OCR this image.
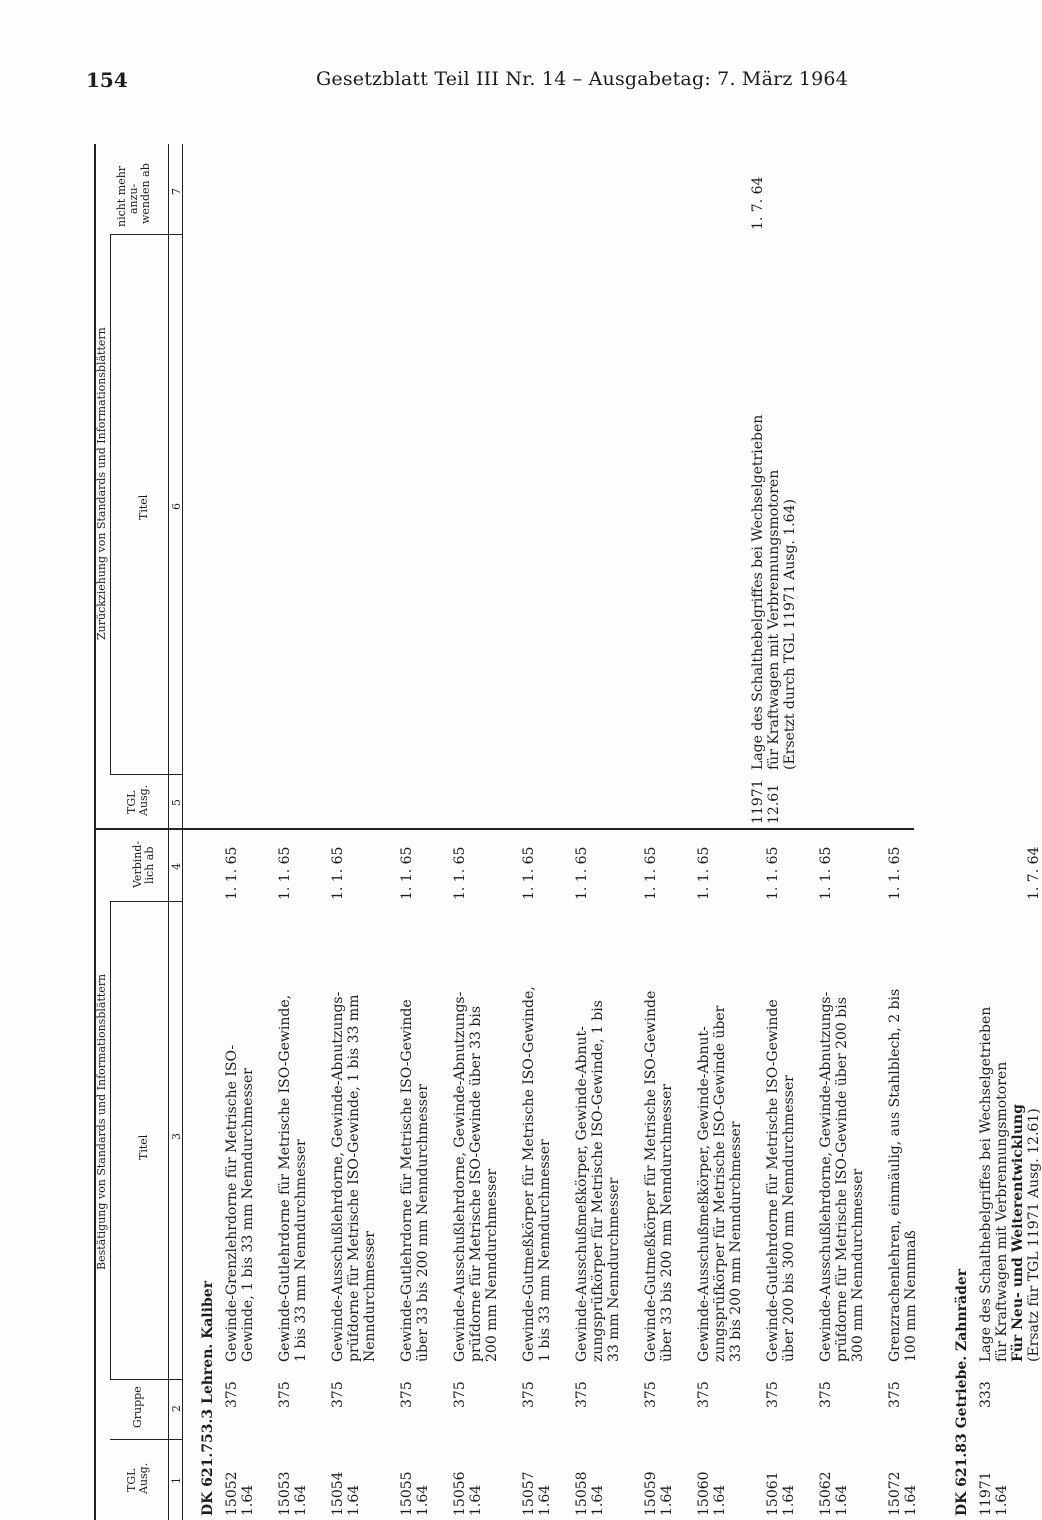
154	Gesetzblatt Teil III Nr. 14 – Ausgabetag: 7. März 1964
Bestätigung von Standards und Informationsblättern
Zurückziehung von Standards und Informationsblättern
TGL Ausg.
Gruppe
Titel
Verbind- lich ab
TGL Ausg.
Titel
nicht mehr anzu- wenden ab
1
2
3
4
5
6
7
DK 621.753.3 Lehren. Kaliber 15052 1.64
375
Gewinde-Grenzlehrdorne für Metrische ISO- Gewinde, 1 bis 33 mm Nenndurchmesser
1. 1. 65
15053 1.64
375
Gewinde-Gutlehrdorne für Metrische ISO-Gewinde, 1 bis 33 mm Nenndurchmesser
1. 1. 65
15054 1.64
375
Gewinde-Ausschußlehrdorne, Gewinde-Abnutzungs- prüfdorne für Metrische ISO-Gewinde, 1 bis 33 mm Nenndurchmesser
1. 1. 65
15055 1.64
375
Gewinde-Gutlehrdorne für Metrische ISO-Gewinde über 33 bis 200 mm Nenndurchmesser
1. 1. 65
15056 1.64
375
Gewinde-Ausschußlehrdorne, Gewinde-Abnutzungs- prüfdorne für Metrische ISO-Gewinde über 33 bis 200 mm Nenndurchmesser
1. 1. 65
15057 1.64
375
Gewinde-Gutmeßkörper für Metrische ISO-Gewinde, 1 bis 33 mm Nenndurchmesser
1. 1. 65
15058 1.64
375
Gewinde-Ausschußmeßkörper, Gewinde-Abnut- zungsprüfkörper für Metrische ISO-Gewinde, 1 bis 33 mm Nenndurchmesser
1. 1. 65
15059 1.64
375
Gewinde-Gutmeßkörper für Metrische ISO-Gewinde über 33 bis 200 mm Nenndurchmesser
1. 1. 65
15060 1.64
375
Gewinde-Ausschußmeßkörper, Gewinde-Abnut- zungsprüfkörper für Metrische ISO-Gewinde über 33 bis 200 mm Nenndurchmesser
1. 1. 65
15061 1.64
375
Gewinde-Gutlehrdorne für Metrische ISO-Gewinde über 200 bis 300 mm Nenndurchmesser
1. 1. 65
15062 1.64
375
Gewinde-Ausschußlehrdorne, Gewinde-Abnutzungs- prüfdorne für Metrische ISO-Gewinde über 200 bis 300 mm Nenndurchmesser
1. 1. 65
15072 1.64
375
Grenzrachenlehren, einmäulig, aus Stahlblech, 2 bis 100 mm Nennmaß
1. 1. 65
DK 621.83 Getriebe. Zahnräder 11971 1.64
333
Lage des Schalthebelgriffes bei Wechselgetrieben für Kraftwagen mit Verbrennungsmotoren Für Neu- und Weiterentwicklung (Ersatz für TGL 11971 Ausg. 12.61)
1. 7. 64
11971 12.61
Lage des Schalthebelgriffes bei Wechselgetrieben für Kraftwagen mit Verbrennungsmotoren (Ersetzt durch TGL 11971 Ausg. 1.64)
1. 7. 64
